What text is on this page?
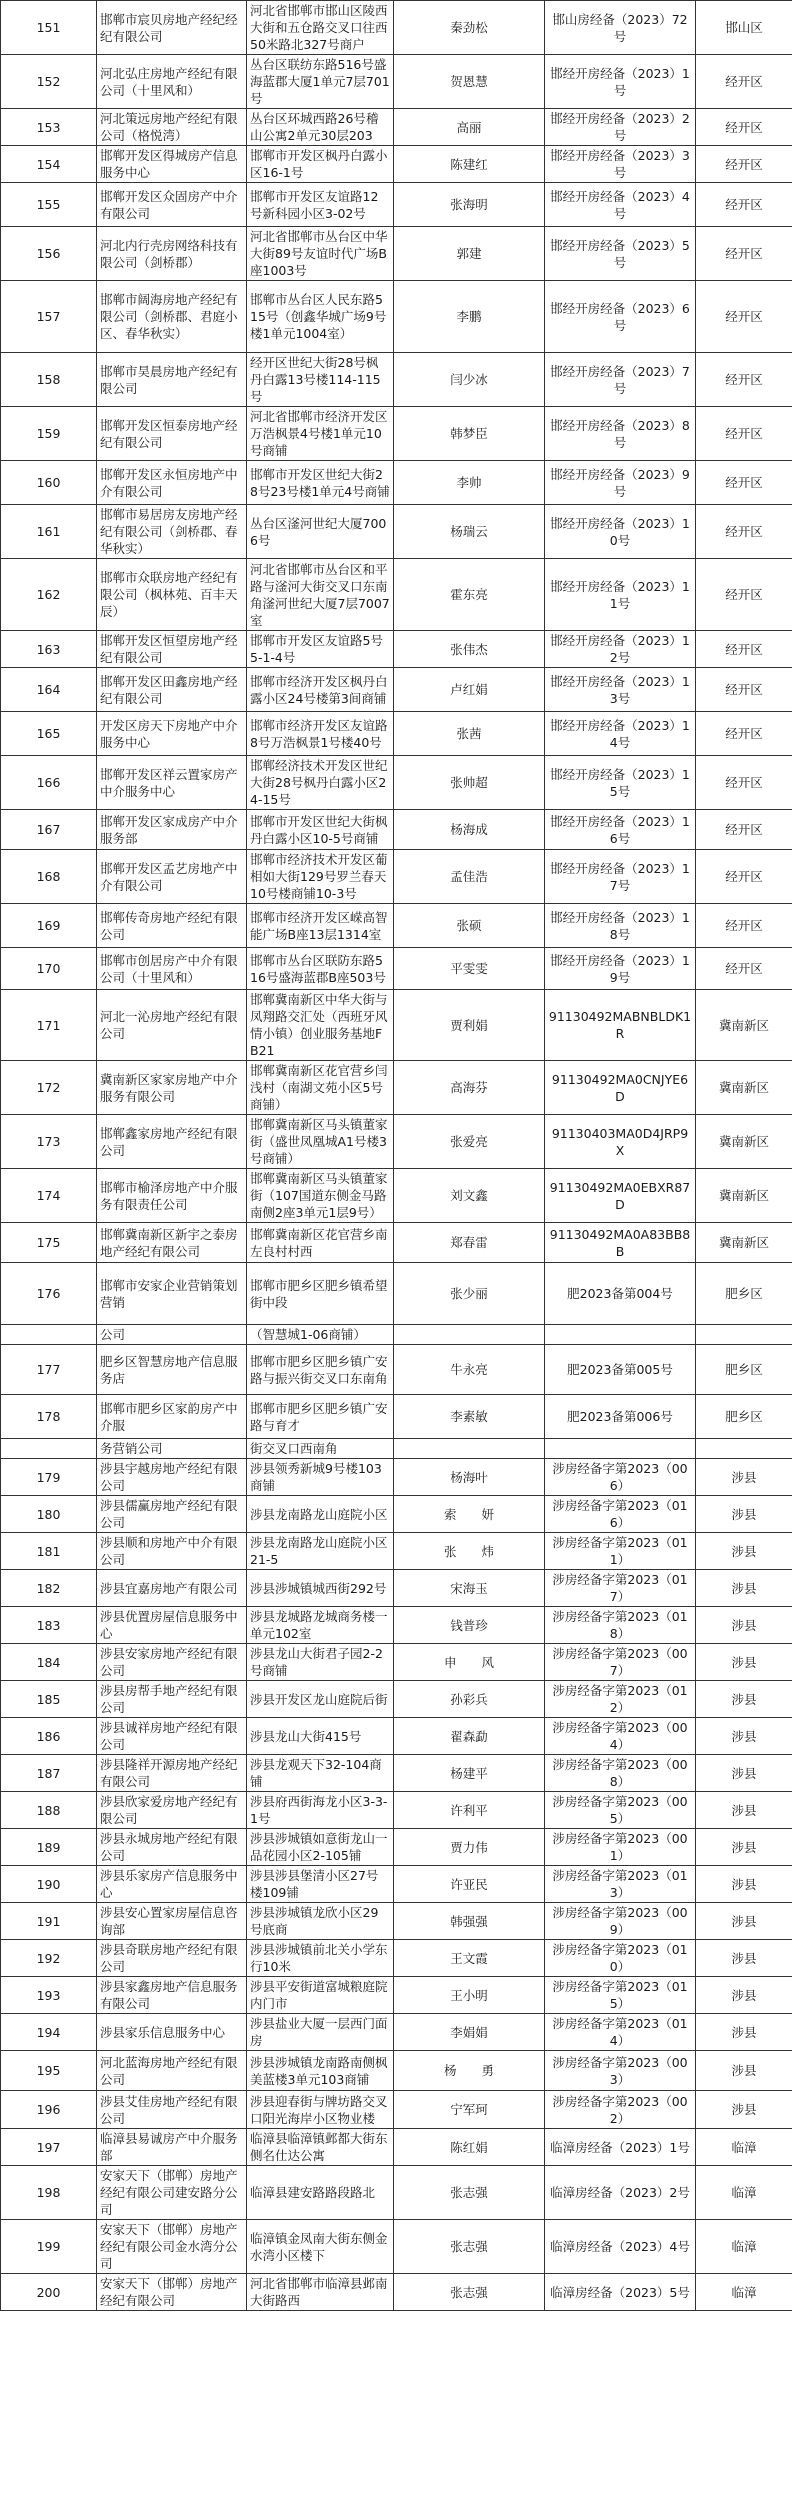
151	邯郸市宸贝房地产经纪经纪有限公司	河北省邯郸市邯山区陵西大街和五仓路交叉口往西50米路北327号商户	秦劲松	邯山房经备（2023）72号	邯山区
152	河北弘庄房地产经纪有限公司（十里风和）	丛台区联纺东路516号盛海蓝郡大厦1单元7层701号	贺恩慧	邯经开房经备（2023）1号	经开区
153	河北策远房地产经纪有限公司（格悦湾）	丛台区环城西路26号稽山公寓2单元30层203	高丽	邯经开房经备（2023）2号	经开区
154	邯郸开发区得城房产信息服务中心	邯郸市开发区枫丹白露小区16-1号	陈建红	邯经开房经备（2023）3号	经开区
155	邯郸开发区众固房产中介有限公司	邯郸市开发区友谊路12号新科园小区3-02号	张海明	邯经开房经备（2023）4号	经开区
156	河北内行壳房网络科技有限公司（剑桥郡）	河北省邯郸市丛台区中华大街89号友谊时代广场B座1003号	郭建	邯经开房经备（2023）5号	经开区
157	邯郸市阔海房地产经纪有限公司（剑桥郡、君庭小区、春华秋实）	邯郸市丛台区人民东路515号（创鑫华城广场9号楼1单元1004室）	李鹏	邯经开房经备（2023）6号	经开区
158	邯郸市昊晨房地产经纪有限公司	经开区世纪大街28号枫丹白露13号楼114-115号	闫少冰	邯经开房经备（2023）7号	经开区
159	邯郸开发区恒泰房地产经纪有限公司	河北省邯郸市经济开发区万浩枫景4号楼1单元10号商铺	韩梦臣	邯经开房经备（2023）8号	经开区
160	邯郸开发区永恒房地产中介有限公司	邯郸市开发区世纪大街28号23号楼1单元4号商铺	李帅	邯经开房经备（2023）9号	经开区
161	邯郸市易居房友房地产经纪有限公司（剑桥郡、春华秋实）	丛台区滏河世纪大厦7006号	杨瑞云	邯经开房经备（2023）10号	经开区
162	邯郸市众联房地产经纪有限公司（枫林苑、百丰天辰）	河北省邯郸市丛台区和平路与滏河大街交叉口东南角滏河世纪大厦7层7007室	霍东亮	邯经开房经备（2023）11号	经开区
163	邯郸开发区恒望房地产经纪有限公司	邯郸市开发区友谊路5号5-1-4号	张伟杰	邯经开房经备（2023）12号	经开区
164	邯郸开发区田鑫房地产经纪有限公司	邯郸市经济开发区枫丹白露小区24号楼第3间商铺	卢红娟	邯经开房经备（2023）13号	经开区
165	开发区房天下房地产中介服务中心	邯郸市经济开发区友谊路8号万浩枫景1号楼40号	张茜	邯经开房经备（2023）14号	经开区
166	邯郸开发区祥云置家房产中介服务中心	邯郸经济技术开发区世纪大街28号枫丹白露小区24-15号	张帅超	邯经开房经备（2023）15号	经开区
167	邯郸开发区家成房产中介服务部	邯郸市开发区世纪大街枫丹白露小区10-5号商铺	杨海成	邯经开房经备（2023）16号	经开区
168	邯郸开发区孟艺房地产中介有限公司	邯郸市经济技术开发区葡相如大街129号罗兰春天10号楼商铺10-3号	孟佳浩	邯经开房经备（2023）17号	经开区
169	邯郸传奇房地产经纪有限公司	邯郸市经济开发区嵘高智能广场B座13层1314室	张硕	邯经开房经备（2023）18号	经开区
170	邯郸市创居房产中介有限公司（十里风和）	邯郸市丛台区联防东路516号盛海蓝郡B座503号	平雯雯	邯经开房经备（2023）19号	经开区
171	河北一沁房地产经纪有限公司	邯郸冀南新区中华大街与凤翔路交汇处（西班牙风情小镇）创业服务基地FB21	贾利娟	91130492MABNBLDK1R	冀南新区
172	冀南新区家家房地产中介服务有限公司	邯郸冀南新区花官营乡闫浅村（南湖文苑小区5号商铺）	高海芬	91130492MA0CNJYE6D	冀南新区
173	邯郸鑫家房地产经纪有限公司	邯郸冀南新区马头镇董家街（盛世凤凰城A1号楼3号商铺）	张爱亮	91130403MA0D4JRP9X	冀南新区
174	邯郸市榆泽房地产中介服务有限责任公司	邯郸冀南新区马头镇董家街（107国道东侧金马路南侧2座3单元1层9号）	刘文鑫	91130492MA0EBXR87D	冀南新区
175	邯郸冀南新区新宇之泰房地产经纪有限公司	邯郸冀南新区花官营乡南左良村村西	郑春雷	91130492MA0A83BB8B	冀南新区
176	邯郸市安家企业营销策划营销	邯郸市肥乡区肥乡镇希望街中段	张少丽	肥2023备第004号	肥乡区
	公司	（智慧城1-06商铺）			
177	肥乡区智慧房地产信息服务店	邯郸市肥乡区肥乡镇广安路与振兴街交叉口东南角	牛永亮	肥2023备第005号	肥乡区
178	邯郸市肥乡区家韵房产中介服	邯郸市肥乡区肥乡镇广安路与育才	李素敏	肥2023备第006号	肥乡区
	务营销公司	街交叉口西南角			
179	涉县宇越房地产经纪有限公司	涉县领秀新城9号楼103商铺	杨海叶	涉房经备字第2023（006）	涉县
180	涉县儒赢房地产经纪有限公司	涉县龙南路龙山庭院小区	索　　妍	涉房经备字第2023（016）	涉县
181	涉县顺和房地产中介有限公司	涉县龙南路龙山庭院小区21-5	张　　炜	涉房经备字第2023（011）	涉县
182	涉县宜嘉房地产有限公司	涉县涉城镇城西街292号	宋海玉	涉房经备字第2023（017）	涉县
183	涉县优置房屋信息服务中心	涉县龙城路龙城商务楼一单元102室	钱普珍	涉房经备字第2023（018）	涉县
184	涉县安家房地产经纪有限公司	涉县龙山大街君子园2-2号商铺	申　　风	涉房经备字第2023（007）	涉县
185	涉县房帮手地产经纪有限公司	涉县开发区龙山庭院后街	孙彩兵	涉房经备字第2023（012）	涉县
186	涉县诚祥房地产经纪有限公司	涉县龙山大街415号	翟森勐	涉房经备字第2023（004）	涉县
187	涉县隆祥开源房地产经纪有限公司	涉县龙观天下32-104商铺	杨建平	涉房经备字第2023（008）	涉县
188	涉县欣家爱房地产经纪有限公司	涉县府西街海龙小区3-3-1号	许利平	涉房经备字第2023（005）	涉县
189	涉县永城房地产经纪有限公司	涉县涉城镇如意街龙山一品花园小区2-105铺	贾力伟	涉房经备字第2023（001）	涉县
190	涉县乐家房产信息服务中心	涉县涉县堡清小区27号楼109铺	许亚民	涉房经备字第2023（013）	涉县
191	涉县安心置家房屋信息咨询部	涉县涉城镇龙欣小区29号底商	韩强强	涉房经备字第2023（009）	涉县
192	涉县奇联房地产经纪有限公司	涉县涉城镇前北关小学东行10米	王文霞	涉房经备字第2023（010）	涉县
193	涉县家鑫房地产信息服务有限公司	涉县平安街道富城粮庭院内门市	王小明	涉房经备字第2023（015）	涉县
194	涉县家乐信息服务中心	涉县盐业大厦一层西门面房	李娟娟	涉房经备字第2023（014）	涉县
195	河北蓝海房地产经纪有限公司	涉县涉城镇龙南路南侧枫美蓝楼3单元103商铺	杨　　勇	涉房经备字第2023（003）	涉县
196	涉县艾佳房地产经纪有限公司	涉县迎春街与牌坊路交叉口阳光海岸小区物业楼	宁军珂	涉房经备字第2023（002）	涉县
197	临漳县易诚房产中介服务部	临漳县临漳镇邺都大街东侧名仕达公寓	陈红娟	临漳房经备（2023）1号	临漳
198	安家天下（邯郸）房地产经纪有限公司建安路分公司	临漳县建安路路段路北	张志强	临漳房经备（2023）2号	临漳
199	安家天下（邯郸）房地产经纪有限公司金水湾分公司	临漳镇金凤南大街东侧金水湾小区楼下	张志强	临漳房经备（2023）4号	临漳
200	安家天下（邯郸）房地产经纪有限公司	河北省邯郸市临漳县邺南大街路西	张志强	临漳房经备（2023）5号	临漳
